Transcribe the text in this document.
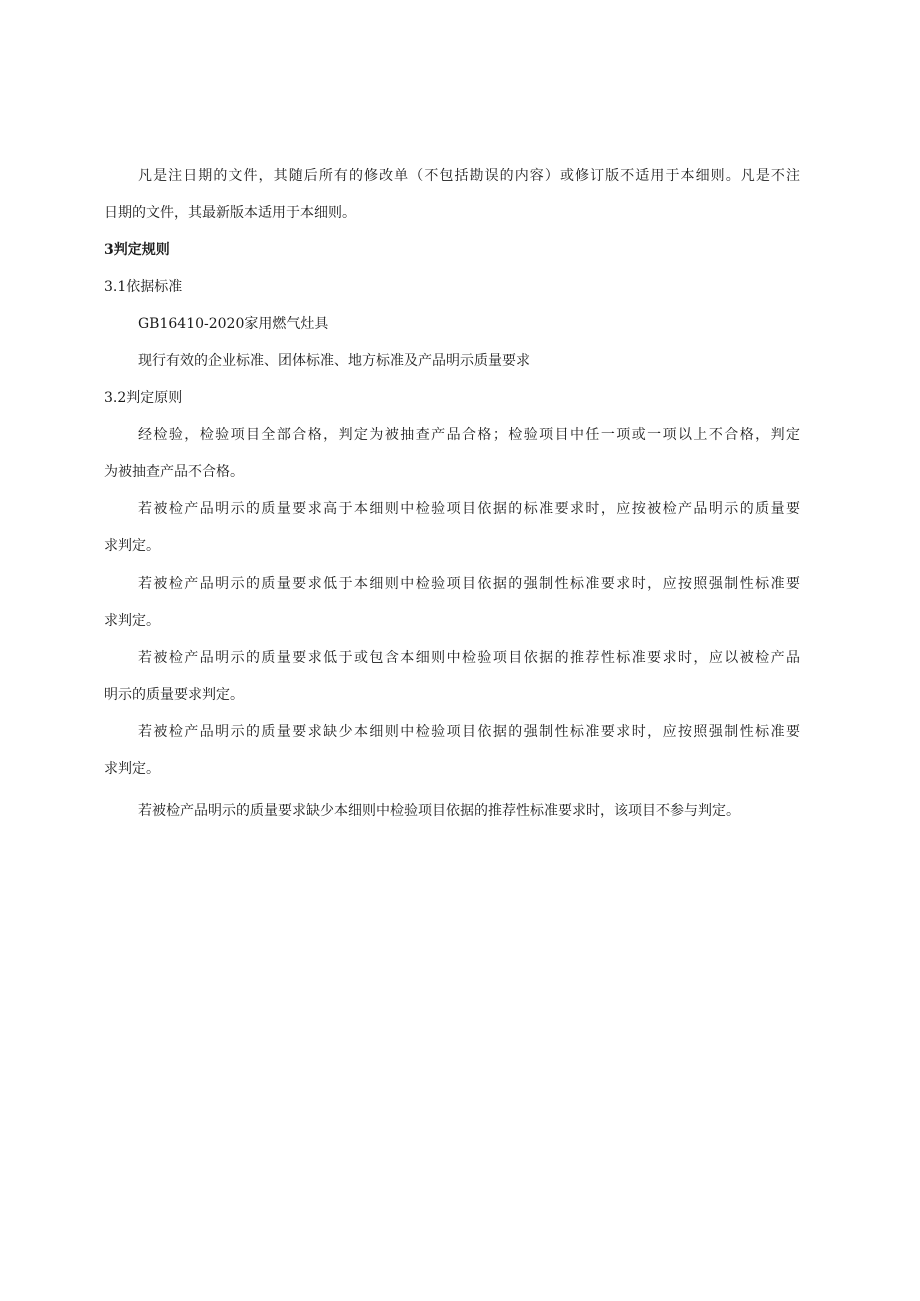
凡是注日期的文件，其随后所有的修改单（不包括勘误的内容）或修订版不适用于本细则。凡是不注
日期的文件，其最新版本适用于本细则。
3判定规则
3.1依据标准
GB16410-2020家用燃气灶具
现行有效的企业标准、团体标准、地方标准及产品明示质量要求
3.2判定原则
经检验，检验项目全部合格，判定为被抽查产品合格；检验项目中任一项或一项以上不合格，判定
为被抽查产品不合格。
若被检产品明示的质量要求高于本细则中检验项目依据的标准要求时，应按被检产品明示的质量要
求判定。
若被检产品明示的质量要求低于本细则中检验项目依据的强制性标准要求时，应按照强制性标准要
求判定。
若被检产品明示的质量要求低于或包含本细则中检验项目依据的推荐性标准要求时，应以被检产品
明示的质量要求判定。
若被检产品明示的质量要求缺少本细则中检验项目依据的强制性标准要求时，应按照强制性标准要
求判定。
若被检产品明示的质量要求缺少本细则中检验项目依据的推荐性标准要求时，该项目不参与判定。
